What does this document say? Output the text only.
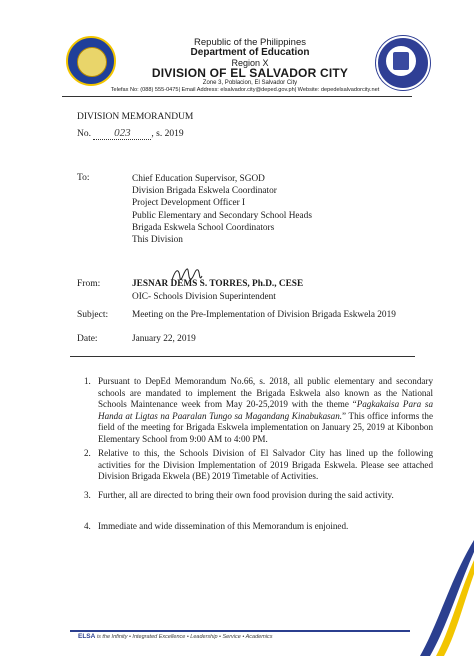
Republic of the Philippines
Department of Education
Region X
DIVISION OF EL SALVADOR CITY
Zone 3, Poblacion, El Salvador City
Telefax No: (088) 555-0475| Email Address: elsalvador.city@deped.gov.ph| Website: depedelsalvadorcity.net
DIVISION MEMORANDUM
No. 023 , s. 2019
To:	Chief Education Supervisor, SGOD
Division Brigada Eskwela Coordinator
Project Development Officer I
Public Elementary and Secondary School Heads
Brigada Eskwela School Coordinators
This Division
From:	JESNAR DEMS S. TORRES, Ph.D., CESE
OIC- Schools Division Superintendent
Subject:	Meeting on the Pre-Implementation of Division Brigada Eskwela 2019
Date:	January 22, 2019
1. Pursuant to DepEd Memorandum No.66, s. 2018, all public elementary and secondary schools are mandated to implement the Brigada Eskwela also known as the National Schools Maintenance week from May 20-25,2019 with the theme “Pagkakaisa Para sa Handa at Ligtas na Paaralan Tungo sa Magandang Kinabukasan.” This office informs the field of the meeting for Brigada Eskwela implementation on January 25, 2019 at Kibonbon Elementary School from 9:00 AM to 4:00 PM.
2. Relative to this, the Schools Division of El Salvador City has lined up the following activities for the Division Implementation of 2019 Brigada Eskwela. Please see attached Division Brigada Ekwela (BE) 2019 Timetable of Activities.
3. Further, all are directed to bring their own food provision during the said activity.
4. Immediate and wide dissemination of this Memorandum is enjoined.
ELSA is the Infinity • Integrated Excellence • Leadership • Service • Academics
